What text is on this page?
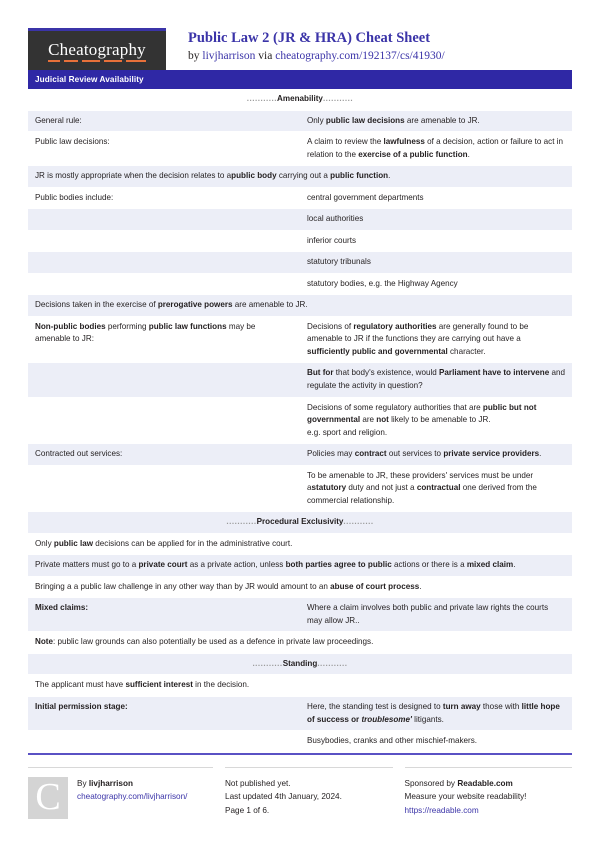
Cheatography
Public Law 2 (JR & HRA) Cheat Sheet
by livjharrison via cheatography.com/192137/cs/41930/
Judicial Review Availability
...........Amenability...........	
General rule:	Only public law decisions are amenable to JR.
Public law decisions:	A claim to review the lawfulness of a decision, action or failure to act in relation to the exercise of a public function.
JR is mostly appropriate when the decision relates to apublic body carrying out a public function.	
Public bodies include:	central government departments
	local authorities
	inferior courts
	statutory tribunals
	statutory bodies, e.g. the Highway Agency
Decisions taken in the exercise of prerogative powers are amenable to JR.	
Non-public bodies performing public law functions may be amenable to JR:	Decisions of regulatory authorities are generally found to be amenable to JR if the functions they are carrying out have a sufficiently public and governmental character.
	But for that body's existence, would Parliament have to intervene and regulate the activity in question?
	Decisions of some regulatory authorities that are public but not governmental are not likely to be amenable to JR.
e.g. sport and religion.
Contracted out services:	Policies may contract out services to private service providers.
	To be amenable to JR, these providers' services must be under astatutory duty and not just a contractual one derived from the commercial relationship.
...........Procedural Exclusivity...........	
Only public law decisions can be applied for in the administrative court.	
Private matters must go to a private court as a private action, unless both parties agree to public actions or there is a mixed claim.	
Bringing a a public law challenge in any other way than by JR would amount to an abuse of court process.	
Mixed claims:	Where a claim involves both public and private law rights the courts may allow JR..
Note: public law grounds can also potentially be used as a defence in private law proceedings.	
...........Standing...........	
The applicant must have sufficient interest in the decision.	
Initial permission stage:	Here, the standing test is designed to turn away those with little hope of success or troublesome' litigants.
	Busybodies, cranks and other mischief-makers.
C	By livjharrison
cheatography.com/livjharrison/
Not published yet.
Last updated 4th January, 2024.
Page 1 of 6.
Sponsored by Readable.com
Measure your website readability!
https://readable.com
